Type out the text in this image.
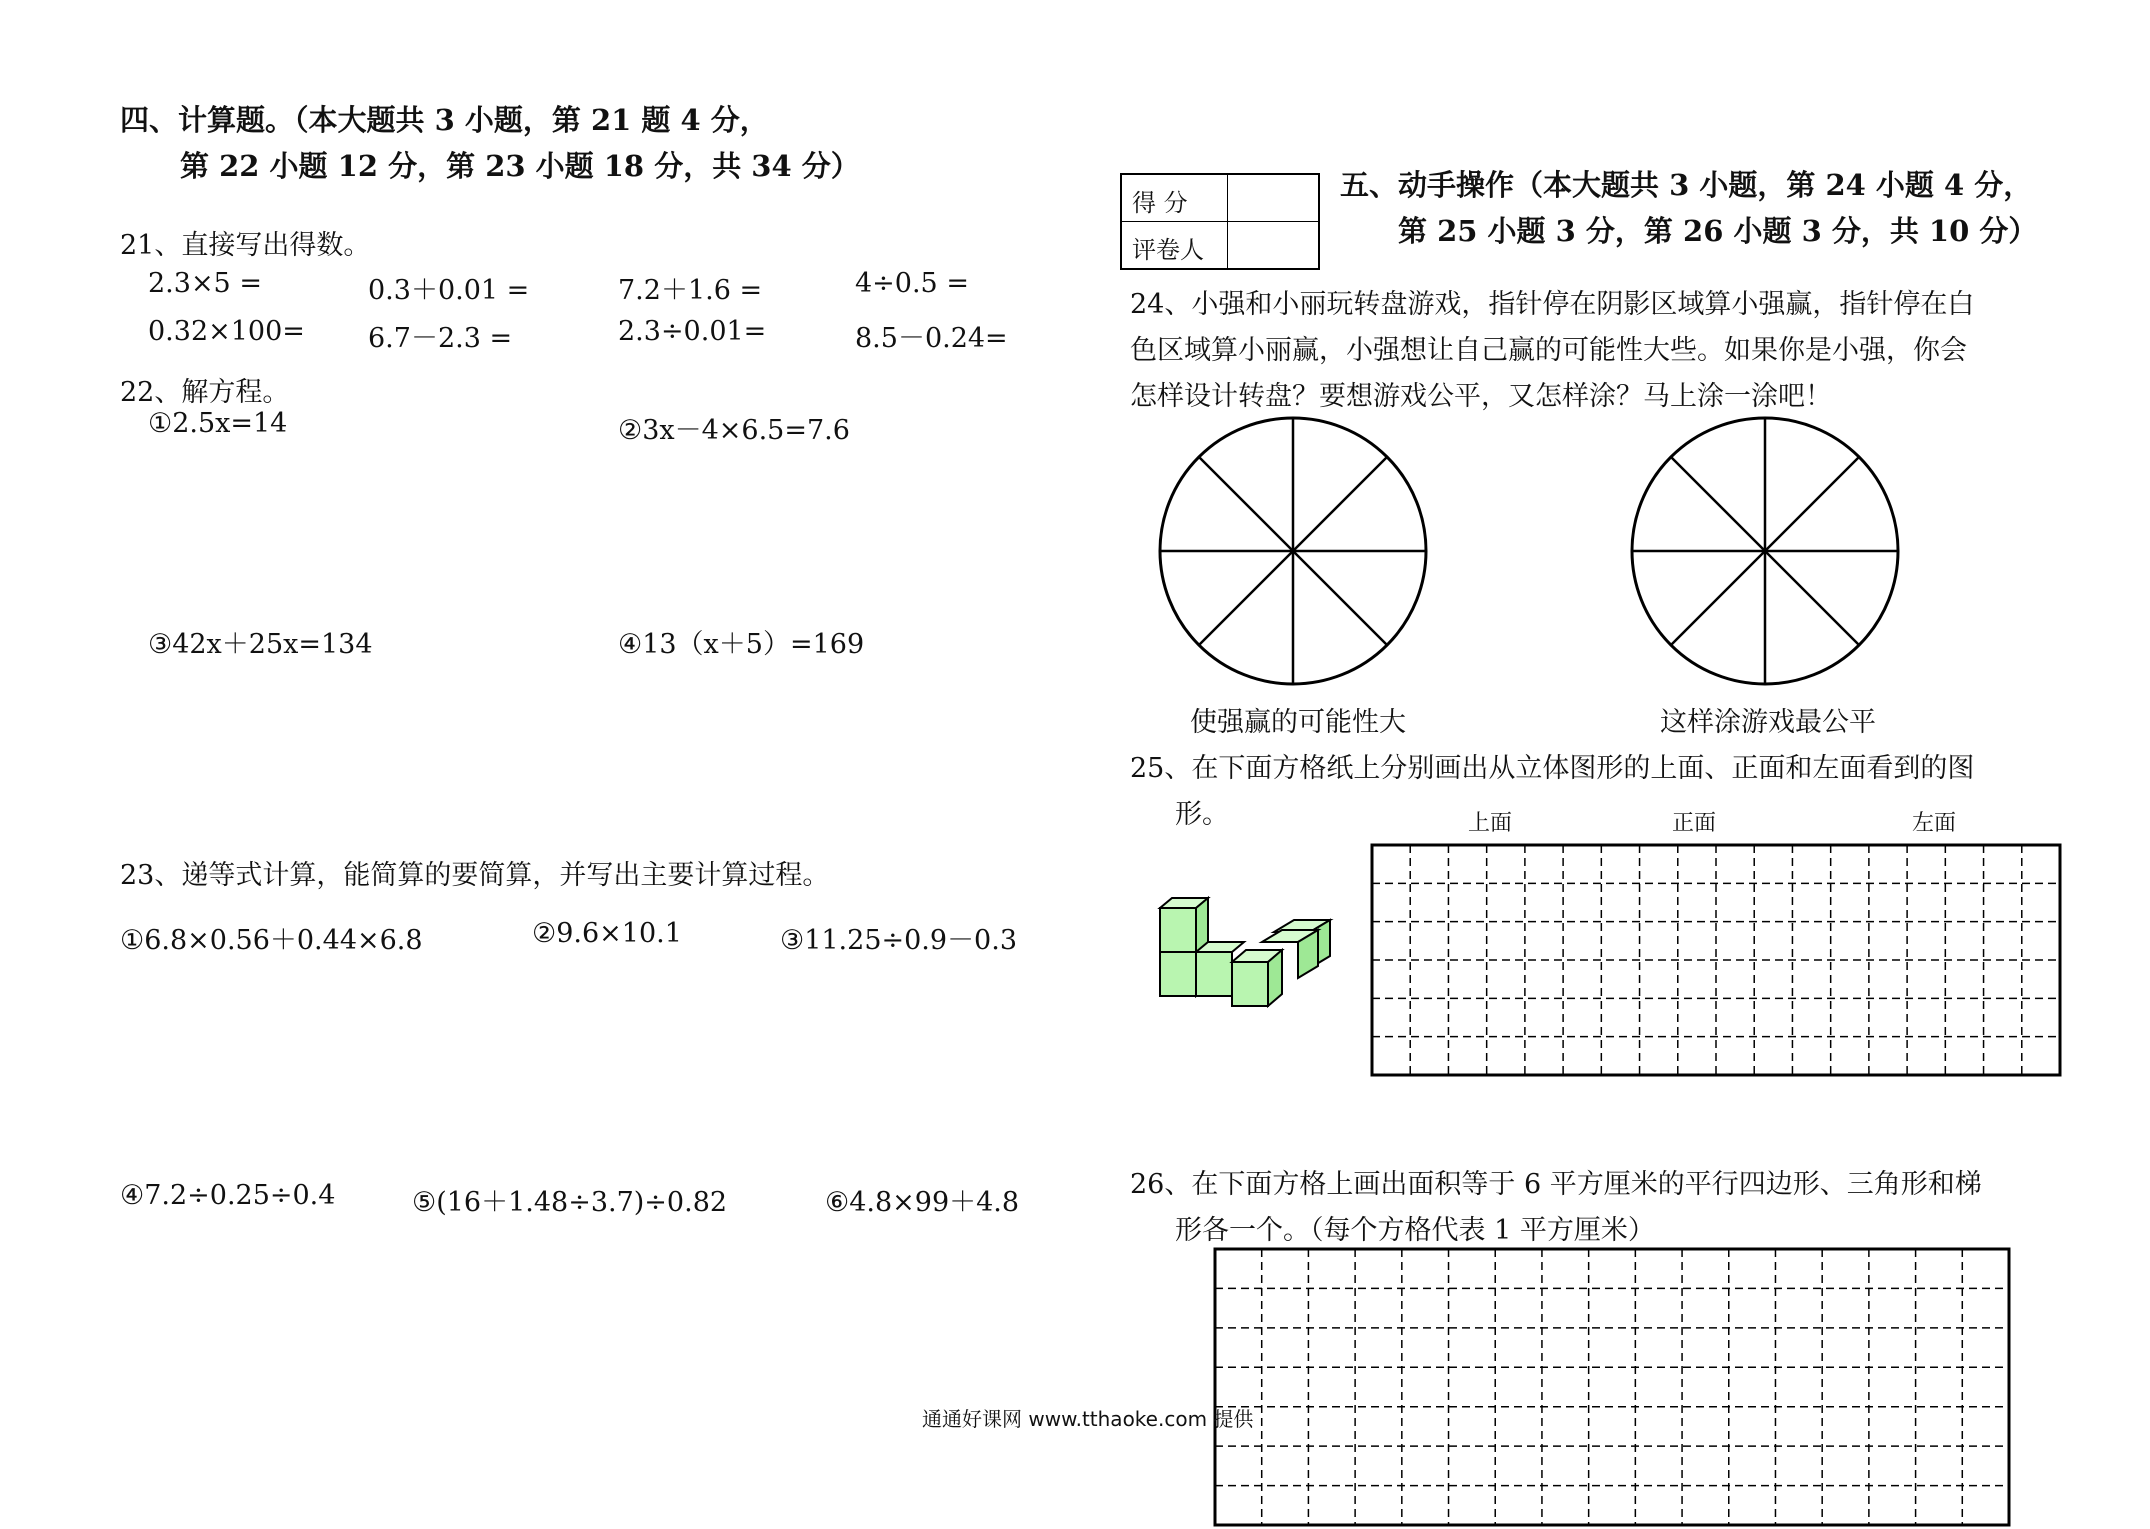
四、计算题。（本大题共 3 小题，第 21 题 4 分，
第 22 小题 12 分，第 23 小题 18 分，共 34 分）
21、直接写出得数。
2.3×5 =	0.3＋0.01 =	7.2＋1.6 =	4÷0.5 =
0.32×100= 6.7－2.3 =	2.3÷0.01=	8.5－0.24=
22、解方程。
①2.5x=14	②3x－4×6.5=7.6
③42x＋25x=134	④13（x＋5）=169
23、递等式计算，能简算的要简算，并写出主要计算过程。
①6.8×0.56＋0.44×6.8	②9.6×10.1	③11.25÷0.9－0.3
④7.2÷0.25÷0.4	⑤(16＋1.48÷3.7)÷0.82	⑥4.8×99＋4.8
得 分
评卷人
五、动手操作（本大题共 3 小题，第 24 小题 4 分，
第 25 小题 3 分，第 26 小题 3 分，共 10 分）
24、小强和小丽玩转盘游戏，指针停在阴影区域算小强赢，指针停在白
色区域算小丽赢，小强想让自己赢的可能性大些。如果你是小强，你会
怎样设计转盘？要想游戏公平，又怎样涂？马上涂一涂吧！
使强赢的可能性大	这样涂游戏最公平
25、在下面方格纸上分别画出从立体图形的上面、正面和左面看到的图
形。	上面	正面	左面
26、在下面方格上画出面积等于 6 平方厘米的平行四边形、三角形和梯
形各一个。（每个方格代表 1 平方厘米）
通通好课网 www.tthaoke.com 提供
